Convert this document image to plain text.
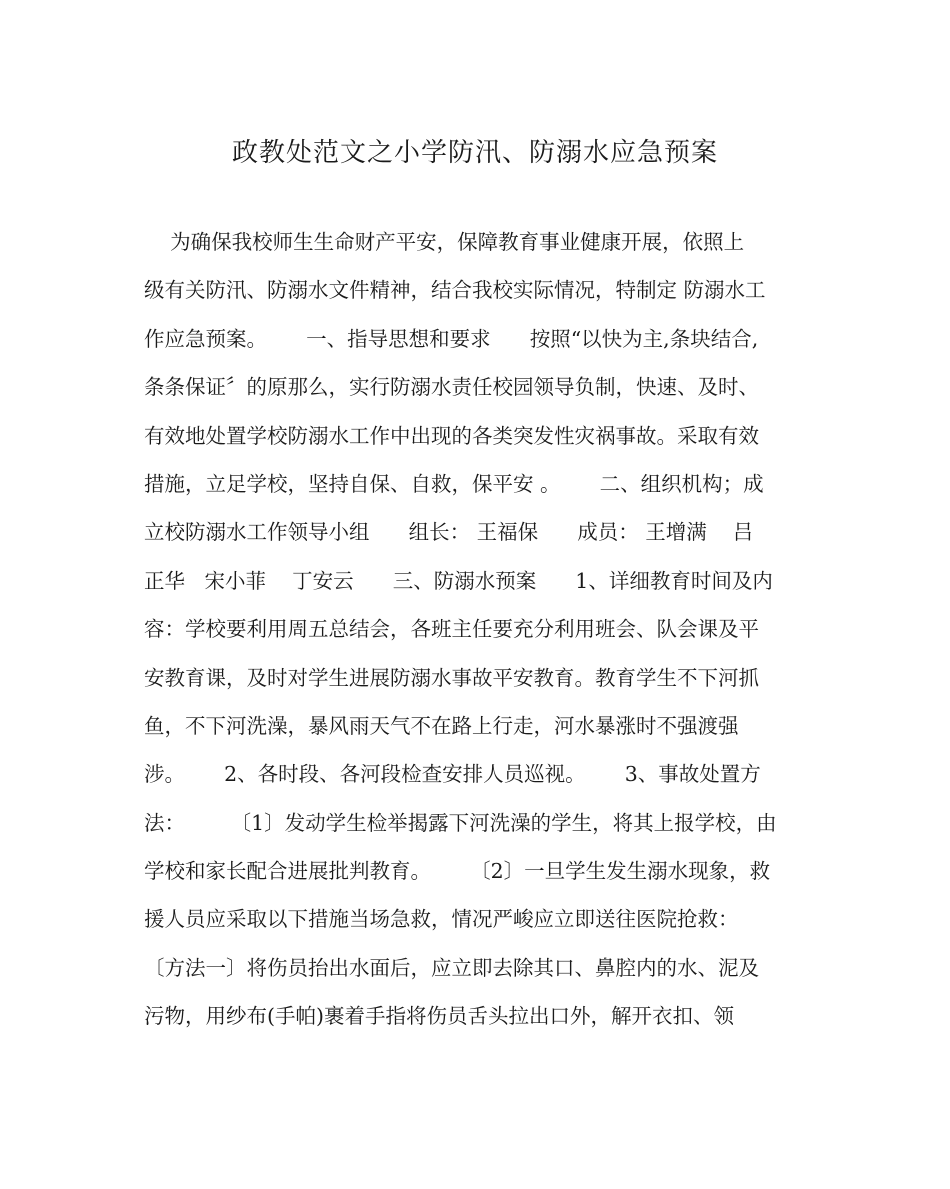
政教处范文之小学防汛、防溺水应急预案
为确保我校师生生命财产平安，保障教育事业健康开展，依照上
级有关防汛、防溺水文件精神，结合我校实际情况，特制定 防溺水工
作应急预案。      一、指导思想和要求      按照“以快为主,条块结合,
条条保证〞的原那么，实行防溺水责任校园领导负制，快速、及时、
有效地处置学校防溺水工作中出现的各类突发性灾祸事故。采取有效
措施，立足学校，坚持自保、自救，保平安 。      二、组织机构；成
立校防溺水工作领导小组      组长： 王福保      成员： 王增满    吕
正华   宋小菲    丁安云      三、防溺水预案      1、详细教育时间及内
容：学校要利用周五总结会，各班主任要充分利用班会、队会课及平
安教育课，及时对学生进展防溺水事故平安教育。教育学生不下河抓
鱼，不下河洗澡，暴风雨天气不在路上行走，河水暴涨时不强渡强
涉。      2、各时段、各河段检查安排人员巡视。      3、事故处置方
法：       〔1〕发动学生检举揭露下河洗澡的学生，将其上报学校，由
学校和家长配合进展批判教育。      〔2〕一旦学生发生溺水现象，救
援人员应采取以下措施当场急救，情况严峻应立即送往医院抢救：
〔方法一〕将伤员抬出水面后，应立即去除其口、鼻腔内的水、泥及
污物，用纱布(手帕)裹着手指将伤员舌头拉出口外，解开衣扣、领
